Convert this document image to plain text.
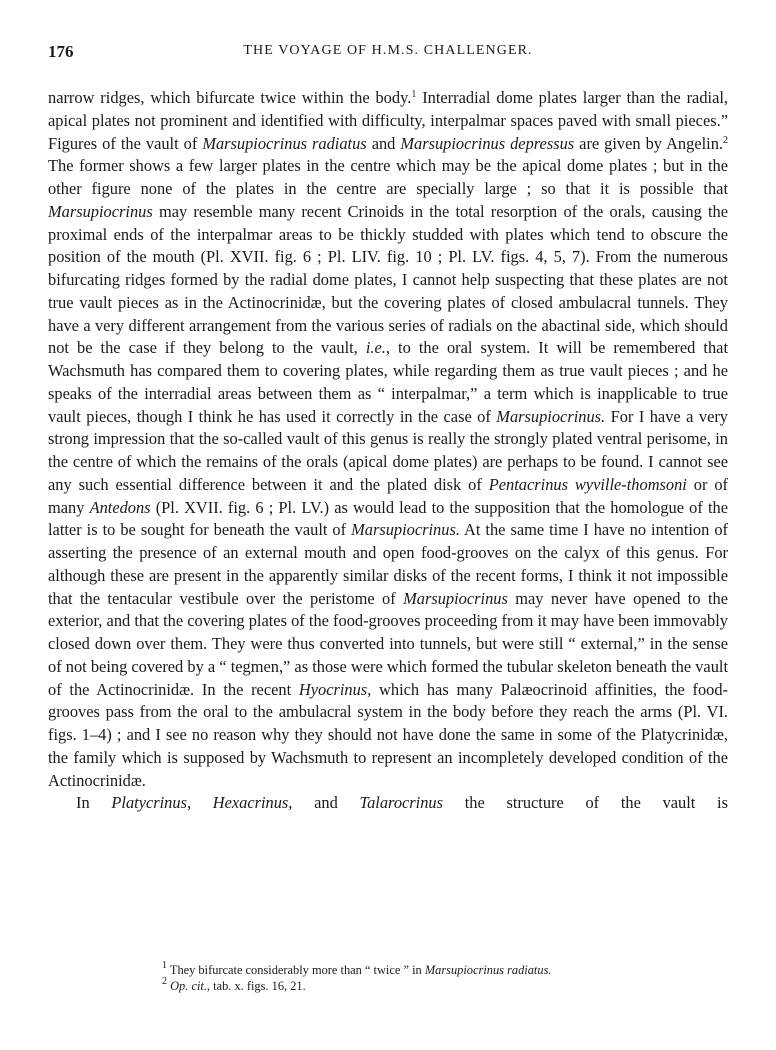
176	THE VOYAGE OF H.M.S. CHALLENGER.

narrow ridges, which bifurcate twice within the body.$^1$ Interradial dome plates larger than the radial, apical plates not prominent and identified with difficulty, interpalmar spaces paved with small pieces.” Figures of the vault of Marsupiocrinus radiatus and Marsupiocrinus depressus are given by Angelin.$^2$ The former shows a few larger plates in the centre which may be the apical dome plates ; but in the other figure none of the plates in the centre are specially large ; so that it is possible that Marsupiocrinus may resemble many recent Crinoids in the total resorption of the orals, causing the proximal ends of the interpalmar areas to be thickly studded with plates which tend to obscure the position of the mouth (Pl. XVII. fig. 6 ; Pl. LIV. fig. 10 ; Pl. LV. figs. 4, 5, 7). From the numerous bifurcating ridges formed by the radial dome plates, I cannot help suspecting that these plates are not true vault pieces as in the Actinocrinidæ, but the covering plates of closed ambulacral tunnels. They have a very different arrangement from the various series of radials on the abactinal side, which should not be the case if they belong to the vault, i.e., to the oral system. It will be remembered that Wachsmuth has compared them to covering plates, while regarding them as true vault pieces ; and he speaks of the interradial areas between them as “ interpalmar,” a term which is inapplicable to true vault pieces, though I think he has used it correctly in the case of Marsupiocrinus. For I have a very strong impression that the so-called vault of this genus is really the strongly plated ventral perisome, in the centre of which the remains of the orals (apical dome plates) are perhaps to be found. I cannot see any such essential difference between it and the plated disk of Pentacrinus wyville-thomsoni or of many Antedons (Pl. XVII. fig. 6 ; Pl. LV.) as would lead to the supposition that the homologue of the latter is to be sought for beneath the vault of Marsupiocrinus. At the same time I have no intention of asserting the presence of an external mouth and open food-grooves on the calyx of this genus. For although these are present in the apparently similar disks of the recent forms, I think it not impossible that the tentacular vestibule over the peristome of Marsupiocrinus may never have opened to the exterior, and that the covering plates of the food-grooves proceeding from it may have been immovably closed down over them. They were thus converted into tunnels, but were still “ external,” in the sense of not being covered by a “ tegmen,” as those were which formed the tubular skeleton beneath the vault of the Actinocrinidæ. In the recent Hyocrinus, which has many Palæocrinoid affinities, the food-grooves pass from the oral to the ambulacral system in the body before they reach the arms (Pl. VI. figs. 1–4) ; and I see no reason why they should not have done the same in some of the Platycrinidæ, the family which is supposed by Wachsmuth to represent an incompletely developed condition of the Actinocrinidæ.

In Platycrinus, Hexacrinus, and Talarocrinus the structure of the vault is

$^1$ They bifurcate considerably more than “ twice ” in Marsupiocrinus radiatus.

$^2$ Op. cit., tab. x. figs. 16, 21.
